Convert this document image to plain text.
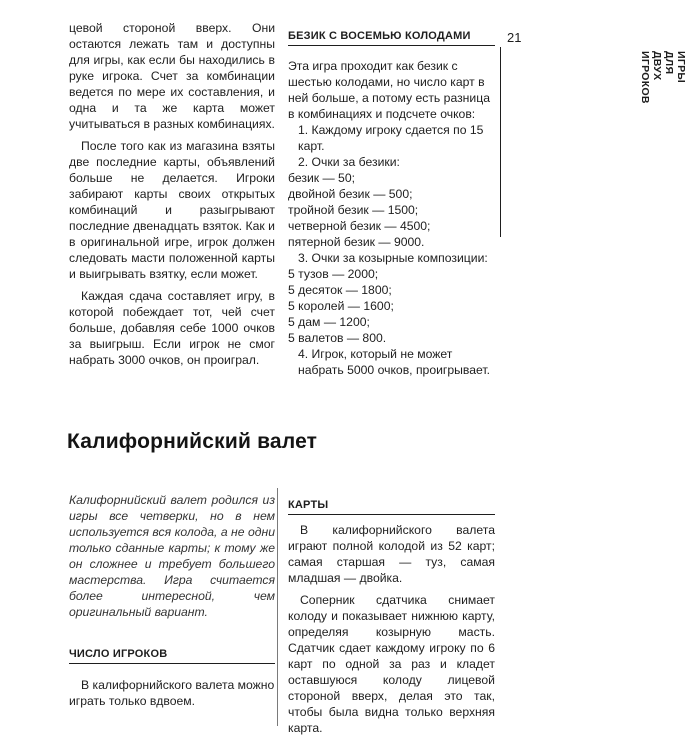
цевой стороной вверх. Они остаются лежать там и доступны для игры, как если бы находились в руке игрока. Счет за комбинации ведется по мере их составления, и одна и та же карта может учитываться в разных комбинациях.

После того как из магазина взяты две последние карты, объявлений больше не делается. Игроки забирают карты своих открытых комбинаций и разыгрывают последние двенадцать взяток. Как и в оригинальной игре, игрок должен следовать масти положенной карты и выигрывать взятку, если может.

Каждая сдача составляет игру, в которой побеждает тот, чей счет больше, добавляя себе 1000 очков за выигрыш. Если игрок не смог набрать 3000 очков, он проиграл.

БЕЗИК С ВОСЕМЬЮ КОЛОДАМИ	21
ИГРЫ ДЛЯ ДВУХ ИГРОКОВ

Эта игра проходит как безик с шестью колодами, но число карт в ней больше, а потому есть разница в комбинациях и подсчете очков:

1. Каждому игроку сдается по 15 карт.

2. Очки за безики:

безик — 50;

двойной безик — 500;

тройной безик — 1500;

четверной безик — 4500;

пятерной безик — 9000.

3. Очки за козырные композиции:

5 тузов — 2000;

5 десяток — 1800;

5 королей — 1600;

5 дам — 1200;

5 валетов — 800.

4. Игрок, который не может набрать 5000 очков, проигрывает.

Калифорнийский валет

Калифорнийский валет родился из игры все четверки, но в нем используется вся колода, а не одни только сданные карты; к тому же он сложнее и требует большего мастерства. Игра считается более интересной, чем оригинальный вариант.

ЧИСЛО ИГРОКОВ

В калифорнийского валета можно играть только вдвоем.

КАРТЫ

В калифорнийского валета играют полной колодой из 52 карт; самая старшая — туз, самая младшая — двойка.

Соперник сдатчика снимает колоду и показывает нижнюю карту, определяя козырную масть. Сдатчик сдает каждому игроку по 6 карт по одной за раз и кладет оставшуюся колоду лицевой стороной вверх, делая это так, чтобы была видна только верхняя карта.
